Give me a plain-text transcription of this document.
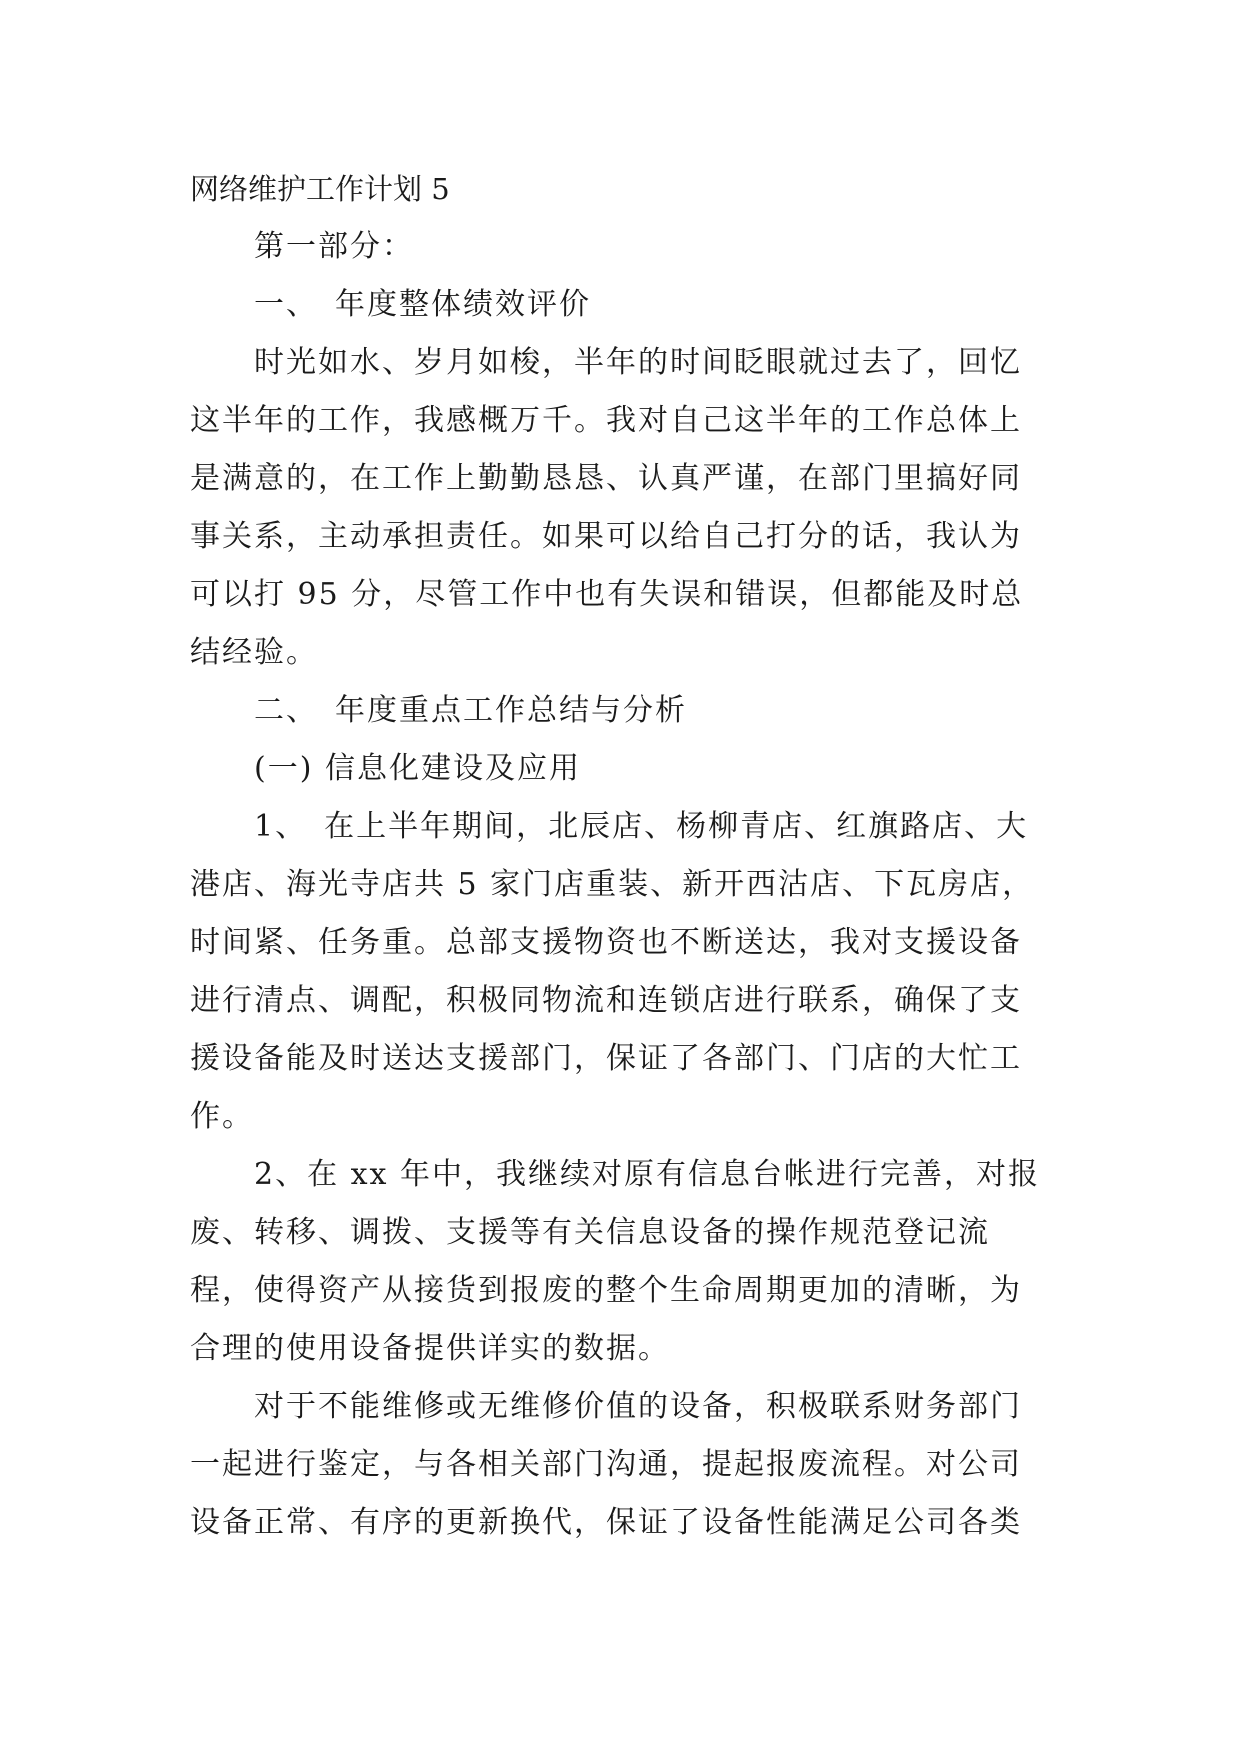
网络维护工作计划 5

第一部分：

一、　年度整体绩效评价

时光如水、岁月如梭，半年的时间眨眼就过去了，回忆这半年的工作，我感概万千。我对自己这半年的工作总体上是满意的，在工作上勤勤恳恳、认真严谨，在部门里搞好同事关系，主动承担责任。如果可以给自己打分的话，我认为可以打 95 分，尽管工作中也有失误和错误，但都能及时总结经验。

二、　年度重点工作总结与分析

(一) 信息化建设及应用

1、　在上半年期间，北辰店、杨柳青店、红旗路店、大港店、海光寺店共 5 家门店重装、新开西沽店、下瓦房店，时间紧、任务重。总部支援物资也不断送达，我对支援设备进行清点、调配，积极同物流和连锁店进行联系，确保了支援设备能及时送达支援部门，保证了各部门、门店的大忙工作。

2、在 xx 年中，我继续对原有信息台帐进行完善，对报废、转移、调拨、支援等有关信息设备的操作规范登记流程，使得资产从接货到报废的整个生命周期更加的清晰，为合理的使用设备提供详实的数据。

对于不能维修或无维修价值的设备，积极联系财务部门一起进行鉴定，与各相关部门沟通，提起报废流程。对公司设备正常、有序的更新换代，保证了设备性能满足公司各类
